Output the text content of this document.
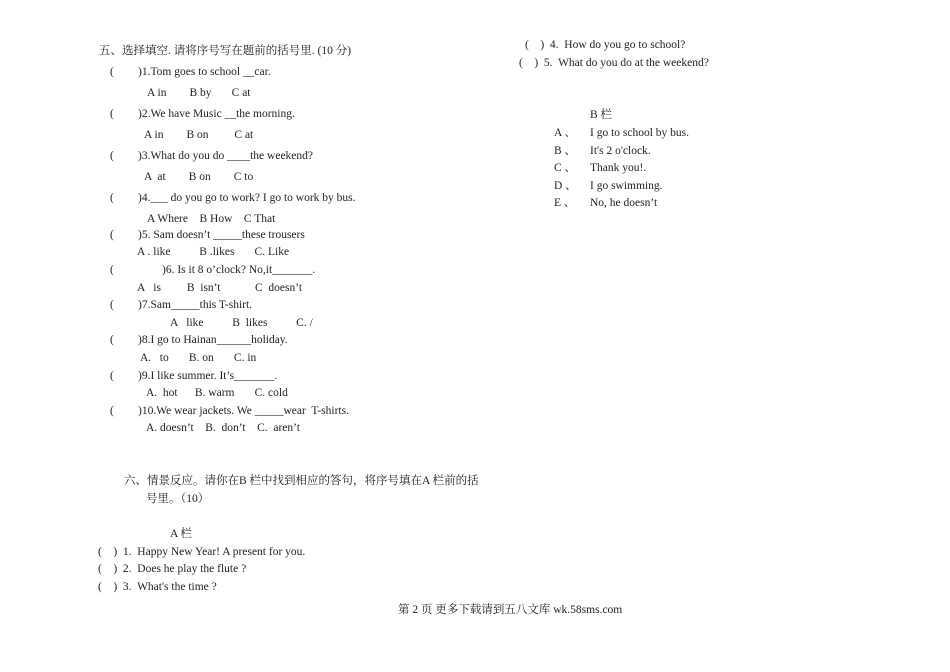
五、选择填空. 请将序号写在题前的括号里. (10 分)
( )1.Tom goes to school __car.
A in        B by       C at
( )2.We have Music __the morning.
A in        B on         C at
( )3.What do you do ____the weekend?
A  at        B on        C to
( )4.___ do you go to work? I go to work by bus.
A Where    B How    C That
( )5. Sam doesn’t _____these trousers
A . like          B .likes       C. Like
(	)6. Is it 8 o’clock? No,it_______.
A   is         B  isn’t            C  doesn’t
( )7.Sam_____this T-shirt.
A   like          B  likes          C. /
( )8.I go to Hainan______holiday.
A.   to       B. on       C. in
( )9.I like summer. It’s_______.
A.  hot      B. warm       C. cold
( )10.We wear jackets. We _____wear  T-shirts.
A. doesn’t    B.  don’t    C.  aren’t
六、情景反应。请你在B 栏中找到相应的答句，将序号填在A 栏前的括
号里。（10）
A 栏
(    )  1.  Happy New Year! A present for you.
(    )  2.  Does he play the flute ?
(    )  3.  What's the time ?
(    )  4.  How do you go to school?
(    )  5.  What do you do at the weekend?
B 栏
A 、 I go to school by bus.
B 、 It's 2 o'clock.
C 、 Thank you!.
D 、 I go swimming.
E 、 No, he doesn’t
第 2 页 更多下载请到五八文库 wk.58sms.com
